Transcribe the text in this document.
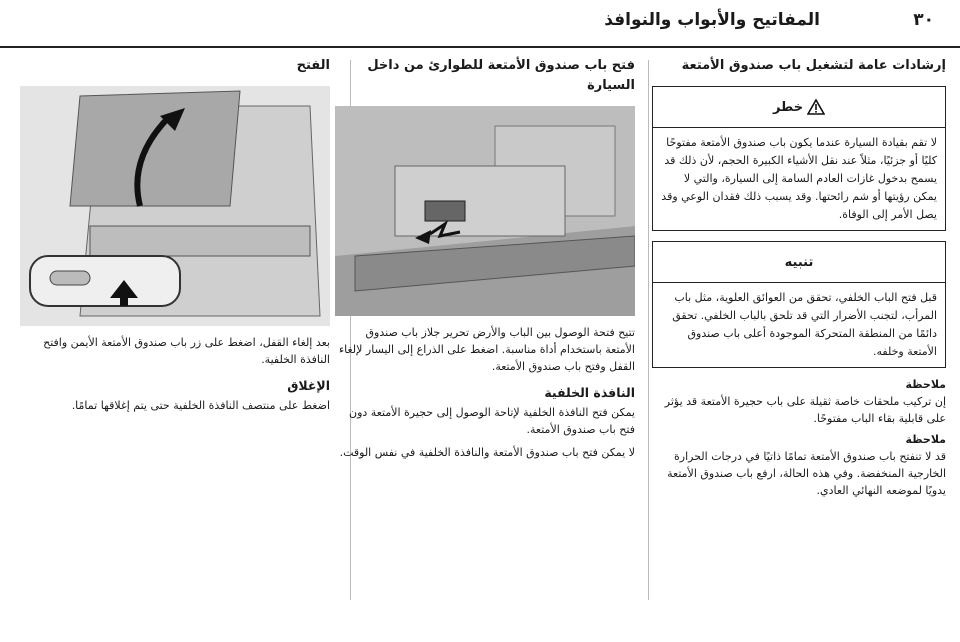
المفاتيح والأبواب والنوافذ	٣٠
إرشادات عامة لتشغيل باب صندوق الأمتعة
خطر
لا تقم بقيادة السيارة عندما يكون باب صندوق الأمتعة مفتوحًا كليًا أو جزئيًا، مثلاً عند نقل الأشياء الكبيرة الحجم، لأن ذلك قد يسمح بدخول غازات العادم السامة إلى السيارة، والتي لا يمكن رؤيتها أو شم رائحتها. وقد يسبب ذلك فقدان الوعي وقد يصل الأمر إلى الوفاة.
تنبيه
قبل فتح الباب الخلفي، تحقق من العوائق العلوية، مثل باب المرأب، لتجنب الأضرار التي قد تلحق بالباب الخلفي. تحقق دائمًا من المنطقة المتحركة الموجودة أعلى باب صندوق الأمتعة وخلفه.
ملاحظة

إن تركيب ملحقات خاصة ثقيلة على باب حجيرة الأمتعة قد يؤثر على قابلية بقاء الباب مفتوحًا.

ملاحظة

قد لا تنفتح باب صندوق الأمتعة تمامًا ذاتيًا في درجات الحرارة الخارجية المنخفضة. وفي هذه الحالة، ارفع باب صندوق الأمتعة يدويًا لموضعه النهائي العادي.

فتح باب صندوق الأمتعة للطوارئ من داخل السيارة

تتيح فتحة الوصول بين الباب والأرض تحرير جلاز باب صندوق الأمتعة باستخدام أداة مناسبة. اضغط على الذراع إلى اليسار لإلغاء القفل وفتح باب صندوق الأمتعة.

النافذة الخلفية

يمكن فتح النافذة الخلفية لإتاحة الوصول إلى حجيرة الأمتعة دون فتح باب صندوق الأمتعة.

لا يمكن فتح باب صندوق الأمتعة والنافذة الخلفية في نفس الوقت.

الفتح

بعد إلغاء القفل، اضغط على زر باب صندوق الأمتعة الأيمن وافتح النافذة الخلفية.

الإغلاق

اضغط على منتصف النافذة الخلفية حتى يتم إغلاقها تمامًا.
